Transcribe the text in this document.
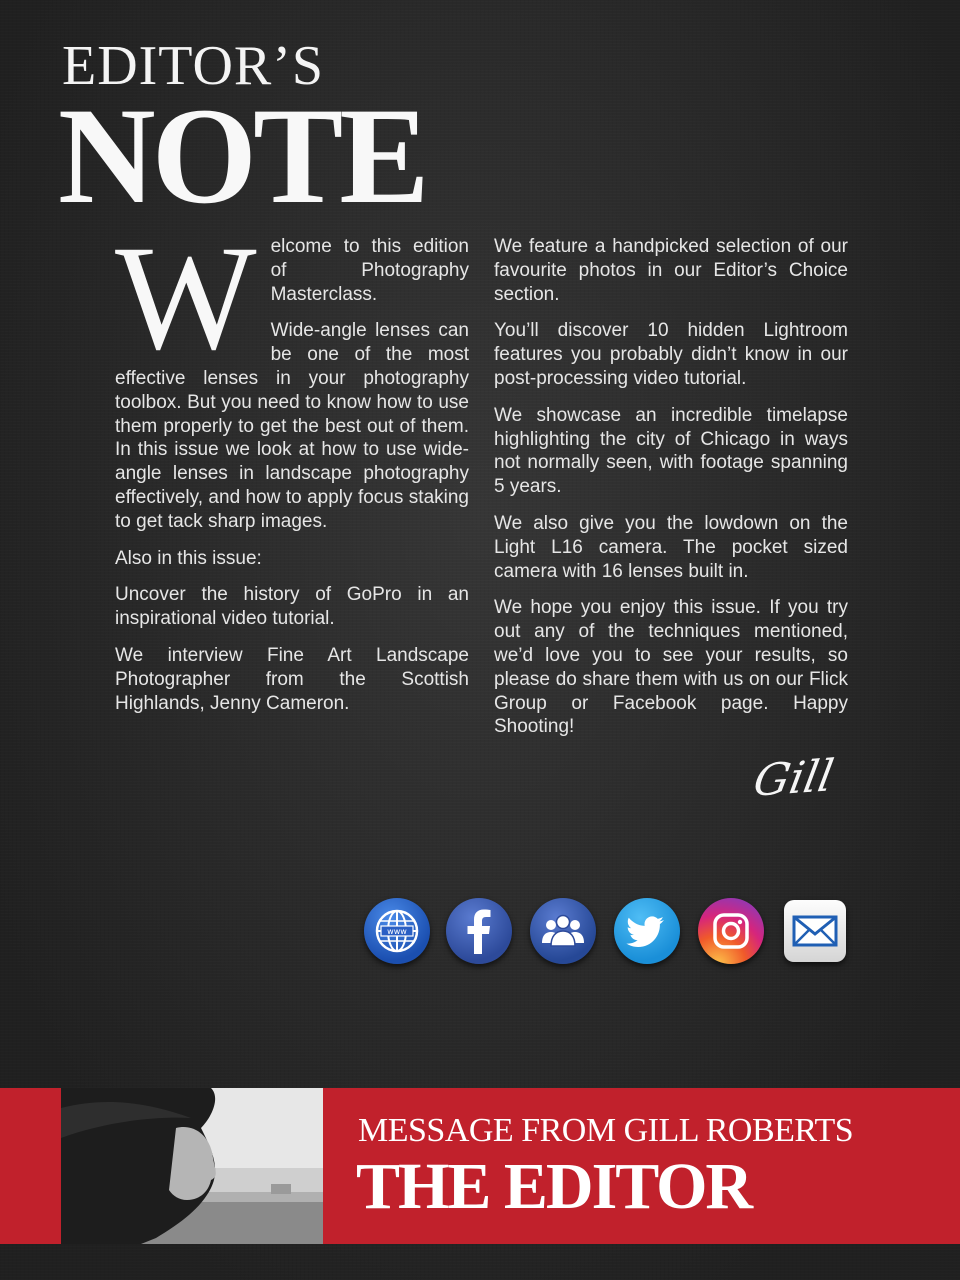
EDITOR’S
NOTE

Welcome to this edition of Photography Masterclass.

Wide-angle lenses can be one of the most effective lenses in your photography toolbox. But you need to know how to use them properly to get the best out of them. In this issue we look at how to use wide-angle lenses in landscape photography effectively, and how to apply focus staking to get tack sharp images.

Also in this issue:

Uncover the history of GoPro in an inspirational video tutorial.

We interview Fine Art Landscape Photographer from the Scottish Highlands, Jenny Cameron.

We feature a handpicked selection of our favourite photos in our Editor’s Choice section.

You’ll discover 10 hidden Lightroom features you probably didn’t know in our post-processing video tutorial.

We showcase an incredible timelapse highlighting the city of Chicago in ways not normally seen, with footage spanning 5 years.

We also give you the lowdown on the Light L16 camera. The pocket sized camera with 16 lenses built in.

We hope you enjoy this issue. If you try out any of the techniques mentioned, we’d love you to see your results, so please do share them with us on our Flick Group or Facebook page. Happy Shooting!

Gill
www
MESSAGE FROM GILL ROBERTS
THE EDITOR
